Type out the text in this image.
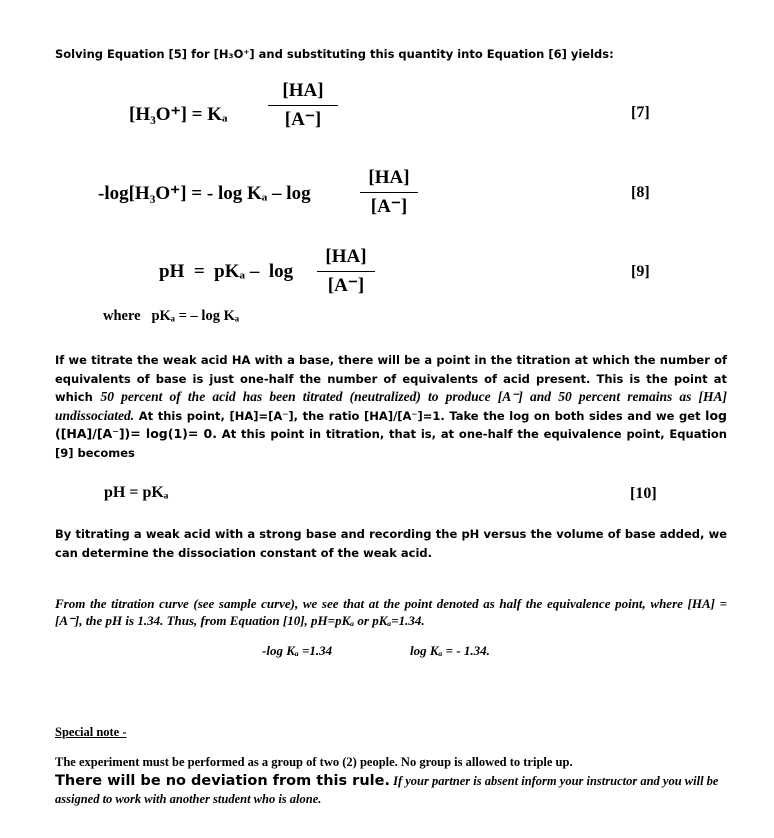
Solving Equation [5] for [H₃O⁺] and substituting this quantity into Equation [6] yields:
[H₃O⁺] = Kₐ
[HA]
[A⁻]	[7]
-log[H₃O⁺] = - log Kₐ – log
[HA]
[A⁻]
[8]
pH  =  pKₐ –  log
[HA]
[A⁻]
[9]
where   pKₐ = – log Kₐ
If we titrate the weak acid HA with a base, there will be a point in the titration at which the number of equivalents of base is just one-half the number of equivalents of acid present. This is the point at which 50 percent of the acid has been titrated (neutralized) to produce [A⁻] and 50 percent remains as [HA] undissociated. At this point, [HA]=[A⁻], the ratio [HA]/[A⁻]=1. Take the log on both sides and we get log ([HA]/[A⁻])= log(1)= 0. At this point in titration, that is, at one-half the equivalence point, Equation [9] becomes
pH = pKₐ	[10]
By titrating a weak acid with a strong base and recording the pH versus the volume of base added, we can determine the dissociation constant of the weak acid.
From the titration curve (see sample curve), we see that at the point denoted as half the equivalence point, where [HA] = [A⁻], the pH is 1.34. Thus, from Equation [10], pH=pKₐ or pKₐ=1.34.
-log Kₐ =1.34	log Kₐ = - 1.34.
Special note -
The experiment must be performed as a group of two (2) people. No group is allowed to triple up.
There will be no deviation from this rule. If your partner is absent inform your instructor and you will be assigned to work with another student who is alone.
